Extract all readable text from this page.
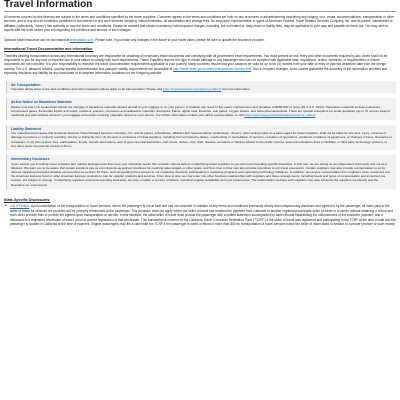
Travel Information

All services covered by this itinerary are subject to the terms and conditions specified by the travel suppliers. Customer agrees to the terms and conditions set forth on any brochures or advertisements describing any lodging, tour, cruise, accommodations, transportation or other services, and to any and all conditions contained in documents for any such services including, without limitation, all cancellation and change fees. No employee, representative or agent of American Express Travel Related Services Company, Inc. and its parent, subsidiaries or affiliates (collectively, "Amex") has authority to vary the terms and conditions. Please be advised that certain mandatory hotel-imposed charges, including, but not limited to, daily resort or facility fees, may be applicable to your stay and payable at check-out. You may wish to inquire with the hotel before your trip regarding the existence and amount of such charges.

Optional travel insurance can be purchased at www.allianz.com. Please note, if you make any changes in the future to your travel plans, please be sure to update the insurance provider.

International Travel Documentation and Information:

Travelers desiring transportation across any international boundary are responsible for obtaining all necessary travel documents and complying with all government travel requirements. You must present all exit, entry and other documents required by law. Amex shall not be responsible to you for any loss or expense due to your failure to comply with such requirements. Travel Suppliers reserve the right to refuse carriage to any passenger who has not complied with applicable laws, regulations, orders, demands, or requirements or whose documents are not complete. It is your responsibility to research the travel documentation requirements applicable to your journey. Many countries require that your passport be valid for up to six (6) months from your date of entry or planned departure date from the foreign country. For U.S. passport holders, country-specific documentation and passport validity requirements are accessible at http://travel.state.gov/content/passports/en/country.html. Due to frequent changes, Amex cannot guarantee the accuracy of the information provided and expressly disclaims any liability for any inaccurate or incomplete information contained on the foregoing website.

Air Transportation

Important airline ticket terms and conditions and other important notices apply to air transportation. Please visit https://myamextravel.com/static/conditions for more information.

Airline Notice on Hazardous Materials

Please note that U.S. Federal law forbids the carriage of hazardous materials aboard aircraft in your luggage or on your person. A violation can result in five years' imprisonment and penalties of $250,000 or more (49 U.S.C. 5124). Hazardous materials include explosives, compressed gases, flammable liquids and solids, oxidizers, poisons, corrosives and radioactive materials. Examples: Paints, lighter fluid, fireworks, tear gases, oxygen bottles, and radio-pharmaceuticals. There are special exceptions for small quantities (up to 70 ounces total) of medicinal and toilet articles carried in your luggage and certain smoking materials carried on your person. For further information contact your airline representative or visit https://www.faa.gov/about/initiatives/hazmat_safety/.

Liability Statement

You understand and agree that American Express Travel Related Services Company, Inc. and its parent, subsidiaries, affiliates and representatives (collectively, "Amex"), when acting solely as a sales agent for travel suppliers, shall not be liable for any loss, injury, expense or damage to persons or property resulting, directly or indirectly, from (1) the acts or omissions of travel suppliers, including but not limited to delays, overbooking or cancellation of services, cessation of operations, accidents or failures of equipment, or changes in fares, itineraries or schedules; or (2) acts of God, fires, earthquakes, floods, climatic aberrations, acts of governmental authorities, civil unrest, strikes, riots, theft, disease, accidents or failures related to the public internet, telecommunications lines or facilities, or third party technology systems, or any other cause beyond the control of Amex.

Intermediary Disclosure

Amex assists you in finding travel suppliers and making arrangements that meet your individual needs. We consider various factors in identifying travel suppliers to you and recommending specific itineraries. In this role, we are acting as an independent third party and not as a fiduciary. We want you to be aware that certain suppliers pay us commissions as well as incentives for reaching sales targets or other goals, and from time to time may also provide incentives to our travel counselors. Certain suppliers may also provide compensation to us for various marketing and administrative services that we perform for them, such as granting them access to our marketing channels, participating in marketing programs and supporting technology initiatives. In addition, we receive compensation from suppliers when customers use the American Express Card or other American Express products to pay for supplier products and services. From time to time we may enter into other business relationships with suppliers and these arrangements, including levels and types of compensation and incentives we receive, are subject to change. In identifying suppliers and recommending itineraries, we may consider a number of factors, including supplier availability and your preferences. The relationships we have with suppliers may also influence the suppliers we identify and the itineraries we recommend.

State-Specific Disclosures:

• CALIFORNIA: Upon cancellation of the transportation or travel services, where the passenger is not at fault and has not canceled in violation of any terms and conditions previously clearly and conspicuously disclosed and agreed to by the passenger, all sums paid to the seller of travel for services not provided will be promptly reimbursed to the passenger. This provision does not apply where the seller of travel has remitted the payment from customer to another registered wholesale seller of travel or a carrier, without obtaining a refund and such other provider fails to provide the agreed-upon transportation or service. In this situation, the initial seller of travel must provide the passenger with a written statement accompanied by bank records establishing the disbursement of the customer payment, and if disbursed to a registered wholesaler of travel, proof of current registration of that wholesaler. This transaction is covered by the California Travel Consumer Restitution Fund ("TCRF") if the seller of travel was registered and participating in the TCRF at the time of sale and the passenger is located in California at the time of payment. Eligible passengers may file a claim with the TCRF if the passenger is owed a refund of more than $50 for transportation or travel services which the seller of travel failed to forward to a proper provider or such money
